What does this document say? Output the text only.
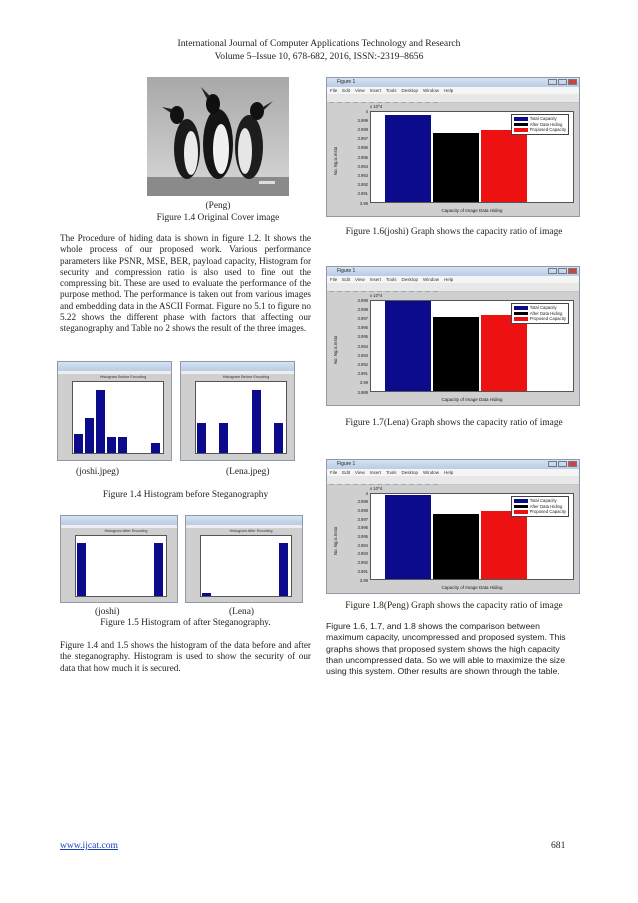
International Journal of Computer Applications Technology and Research
Volume 5–Issue 10, 678-682, 2016, ISSN:-2319–8656
(Peng)
Figure 1.4 Original Cover image
The Procedure of hiding data is shown in figure 1.2. It shows the whole process of our proposed work. Various performance parameters like PSNR, MSE, BER, payload capacity, Histogram for security and compression ratio is also used to fine out the compressing bit. These are used to evaluate the performance of the purpose method. The performance is taken out from various images and embedding data in the ASCII Format. Figure no 5.1 to figure no 5.22 shows the different phase with factors that affecting our steganography and Table no 2 shows the result of the three images.
Histogram Before Encoding	Histogram Before Encoding
(joshi.jpeg)	(Lena.jpeg)
Figure 1.4 Histogram before Steganography
Histogram After Encoding	Histogram After Encoding
(joshi)	(Lena)
Figure 1.5 Histogram of after Steganography.
Figure 1.4 and 1.5 shows the histogram of the data before and after the steganography. Histogram is used to show the security of our data that how much it is secured.
Figure 1
File Edit View Insert Tools Desktop Window Help
Total Capacity
After Data Hiding
Proposed Capacity
3.99
3.991
3.992
3.993
3.994
3.995
3.996
3.997
3.998
3.999
4
x 10^4
No. Ng.ix.Insta
Capacity of Image Data Hiding
Figure 1
File Edit View Insert Tools Desktop Window Help
Total Capacity
After Data Hiding
Proposed Capacity
3.989
3.99
3.991
3.992
3.993
3.994
3.995
3.996
3.997
3.998
3.999
x 10^4
No. Ng.ix.Insta
Capacity of Image Data Hiding
Figure 1
File Edit View Insert Tools Desktop Window Help
Total Capacity
After Data Hiding
Proposed Capacity
3.99
3.991
3.992
3.993
3.994
3.995
3.996
3.997
3.998
3.999
4
x 10^4
No. Ng.ix.Insta
Capacity of Image Data Hiding
Figure 1.6(joshi) Graph shows the capacity ratio of image
Figure 1.7(Lena) Graph shows the capacity ratio of image
Figure 1.8(Peng) Graph shows the capacity ratio of image
Figure 1.6, 1.7, and 1.8 shows the comparison between maximum capacity, uncompressed and proposed system. This graphs shows that proposed system shows the high capacity than uncompressed data. So we will able to maximize the size using this system. Other results are shown through the table.
www.ijcat.com	681
